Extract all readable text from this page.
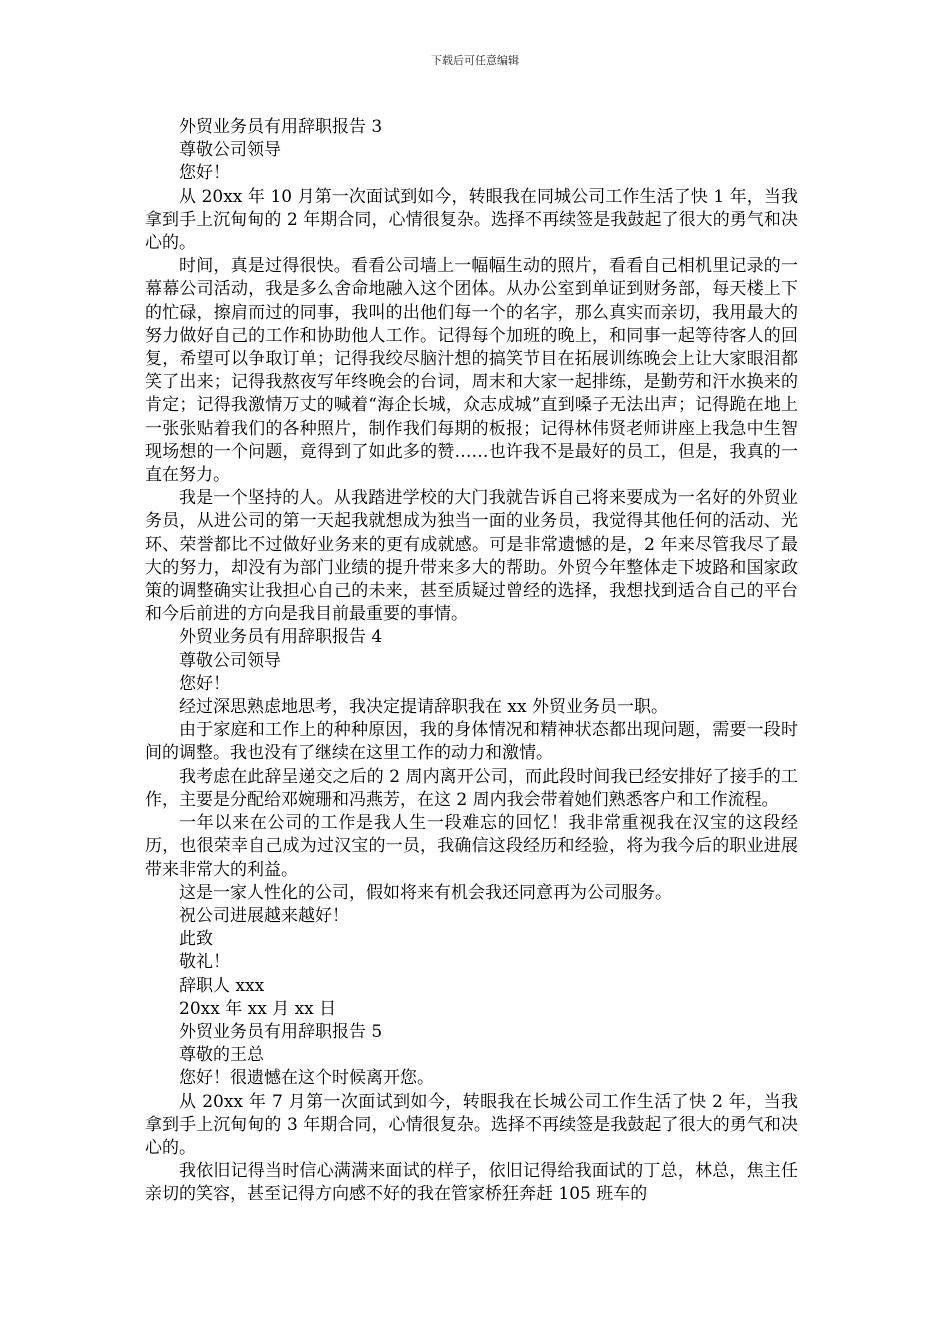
下载后可任意编辑

外贸业务员有用辞职报告 3

尊敬公司领导

您好！

从 20xx 年 10 月第一次面试到如今，转眼我在同城公司工作生活了快 1 年，当我拿到手上沉甸甸的 2 年期合同，心情很复杂。选择不再续签是我鼓起了很大的勇气和决心的。

时间，真是过得很快。看看公司墙上一幅幅生动的照片，看看自己相机里记录的一幕幕公司活动，我是多么舍命地融入这个团体。从办公室到单证到财务部，每天楼上下的忙碌，擦肩而过的同事，我叫的出他们每一个的名字，那么真实而亲切，我用最大的努力做好自己的工作和协助他人工作。记得每个加班的晚上，和同事一起等待客人的回复，希望可以争取订单；记得我绞尽脑汁想的搞笑节目在拓展训练晚会上让大家眼泪都笑了出来；记得我熬夜写年终晚会的台词，周末和大家一起排练，是勤劳和汗水换来的肯定；记得我激情万丈的喊着“海企长城，众志成城”直到嗓子无法出声；记得跪在地上一张张贴着我们的各种照片，制作我们每期的板报；记得林伟贤老师讲座上我急中生智现场想的一个问题，竟得到了如此多的赞……也许我不是最好的员工，但是，我真的一直在努力。

我是一个坚持的人。从我踏进学校的大门我就告诉自己将来要成为一名好的外贸业务员，从进公司的第一天起我就想成为独当一面的业务员，我觉得其他任何的活动、光环、荣誉都比不过做好业务来的更有成就感。可是非常遗憾的是，2 年来尽管我尽了最大的努力，却没有为部门业绩的提升带来多大的帮助。外贸今年整体走下坡路和国家政策的调整确实让我担心自己的未来，甚至质疑过曾经的选择，我想找到适合自己的平台和今后前进的方向是我目前最重要的事情。

外贸业务员有用辞职报告 4

尊敬公司领导

您好！

经过深思熟虑地思考，我决定提请辞职我在 xx 外贸业务员一职。

由于家庭和工作上的种种原因，我的身体情况和精神状态都出现问题，需要一段时间的调整。我也没有了继续在这里工作的动力和激情。

我考虑在此辞呈递交之后的 2 周内离开公司，而此段时间我已经安排好了接手的工作，主要是分配给邓婉珊和冯燕芳，在这 2 周内我会带着她们熟悉客户和工作流程。

一年以来在公司的工作是我人生一段难忘的回忆！我非常重视我在汉宝的这段经历，也很荣幸自己成为过汉宝的一员，我确信这段经历和经验，将为我今后的职业进展带来非常大的利益。

这是一家人性化的公司，假如将来有机会我还同意再为公司服务。

祝公司进展越来越好！

此致

敬礼！

辞职人 xxx

20xx 年 xx 月 xx 日

外贸业务员有用辞职报告 5

尊敬的王总

您好！很遗憾在这个时候离开您。

从 20xx 年 7 月第一次面试到如今，转眼我在长城公司工作生活了快 2 年，当我拿到手上沉甸甸的 3 年期合同，心情很复杂。选择不再续签是我鼓起了很大的勇气和决心的。

我依旧记得当时信心满满来面试的样子，依旧记得给我面试的丁总，林总，焦主任亲切的笑容，甚至记得方向感不好的我在管家桥狂奔赶 105 班车的
